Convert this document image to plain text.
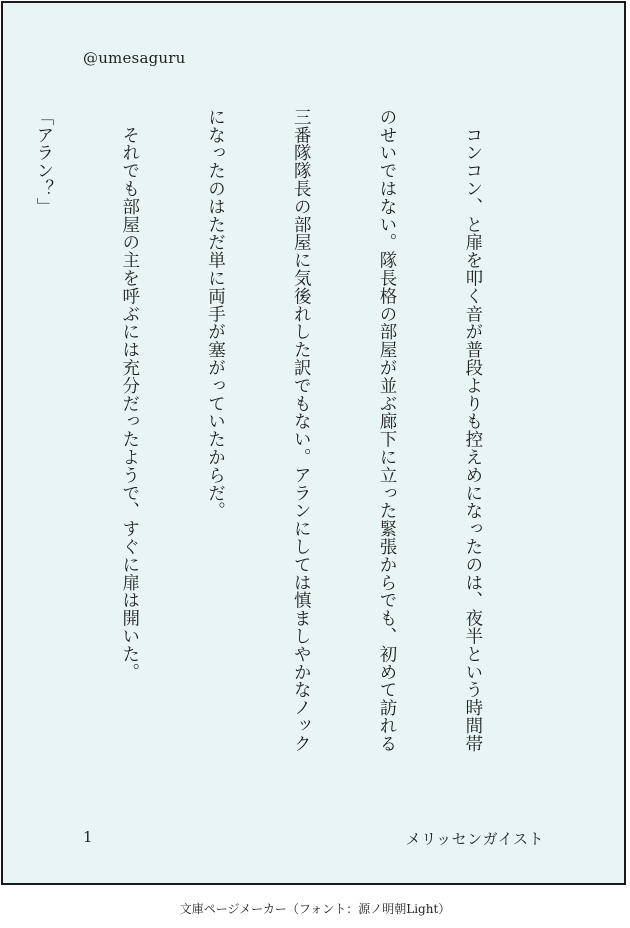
@umesaguru

　コンコン、と扉を叩く音が普段よりも控えめになったのは、夜半という時間帯

のせいではない。隊長格の部屋が並ぶ廊下に立った緊張からでも、初めて訪れる

三番隊隊長の部屋に気後れした訳でもない。アランにしては慎ましやかなノック

になったのはただ単に両手が塞がっていたからだ。

　それでも部屋の主を呼ぶには充分だったようで、すぐに扉は開いた。

「アラン？」

1	メリッセンガイスト
文庫ページメーカー（フォント：源ノ明朝Light）
